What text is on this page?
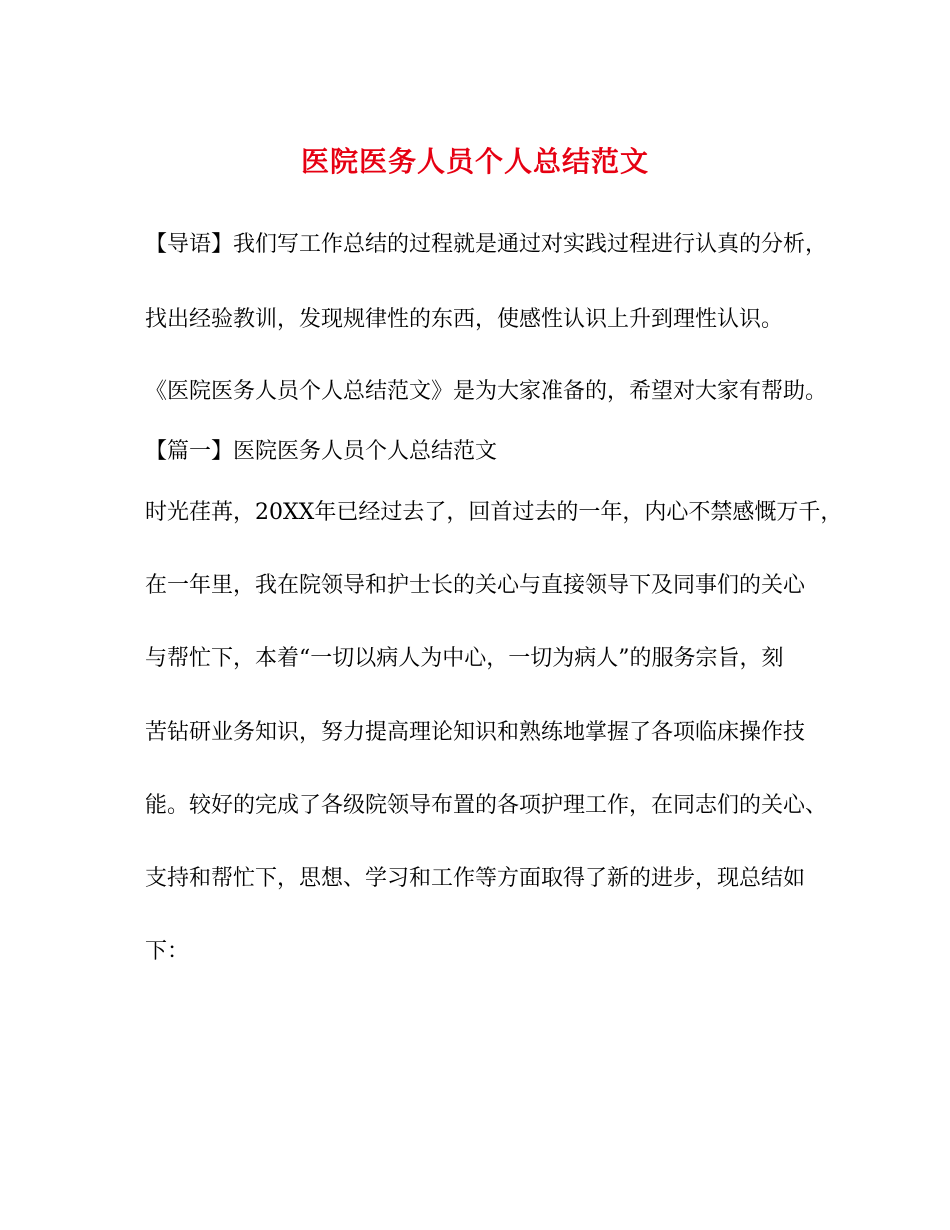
医院医务人员个人总结范文
【导语】我们写工作总结的过程就是通过对实践过程进行认真的分析，
找出经验教训，发现规律性的东西，使感性认识上升到理性认识。
《医院医务人员个人总结范文》是为大家准备的，希望对大家有帮助。
【篇一】医院医务人员个人总结范文
时光荏苒，20XX年已经过去了，回首过去的一年，内心不禁感慨万千，
在一年里，我在院领导和护士长的关心与直接领导下及同事们的关心
与帮忙下，本着“一切以病人为中心，一切为病人”的服务宗旨，刻
苦钻研业务知识，努力提高理论知识和熟练地掌握了各项临床操作技
能。较好的完成了各级院领导布置的各项护理工作，在同志们的关心、
支持和帮忙下，思想、学习和工作等方面取得了新的进步，现总结如
下：
